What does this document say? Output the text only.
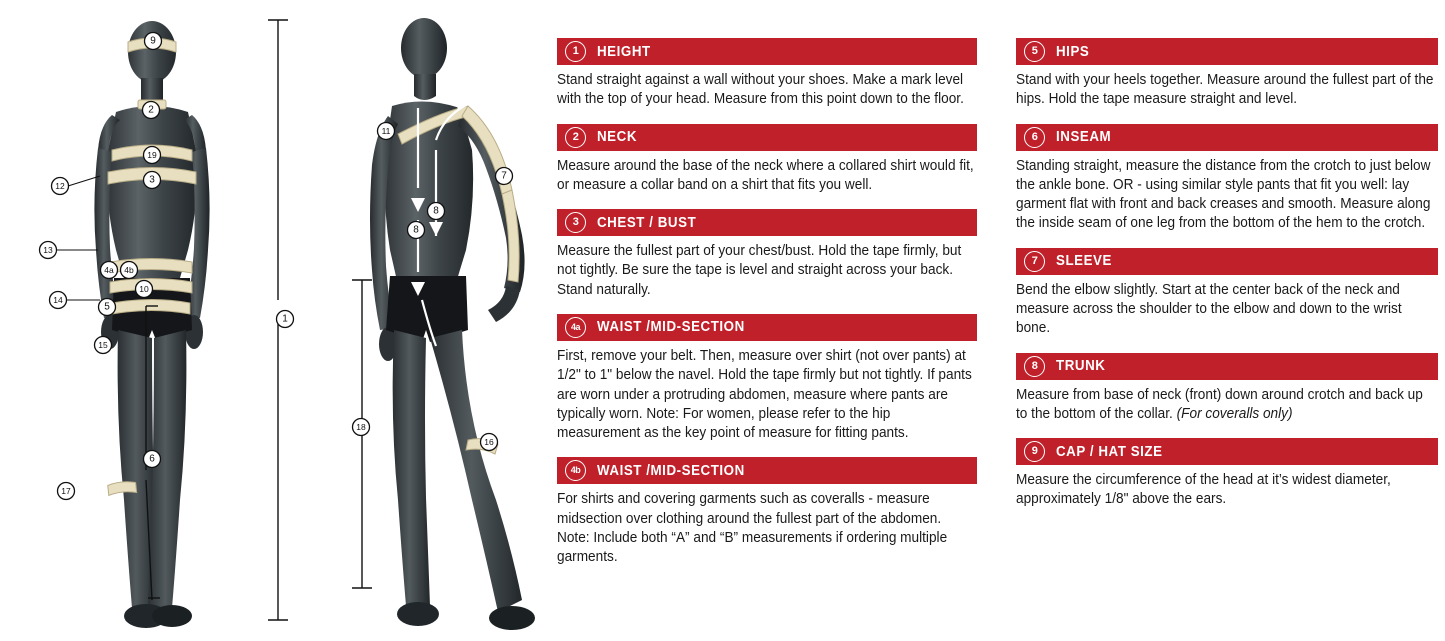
9
2
19
3
12
13
14
4a 4b
10
5
15
17
6
1
11
7
8
8
16
18
1	HEIGHT
Stand straight against a wall without your shoes. Make a mark level with the top of your head. Measure from this point down to the floor.
2	NECK
Measure around the base of the neck where a collared shirt would fit, or measure a collar band on a shirt that fits you well.
3	CHEST / BUST
Measure the fullest part of your chest/bust. Hold the tape firmly, but not tightly. Be sure the tape is level and straight across your back. Stand naturally.
4a	WAIST /MID-SECTION
First, remove your belt. Then, measure over shirt (not over pants) at 1/2" to 1" below the navel. Hold the tape firmly but not tightly. If pants are worn under a protruding abdomen, measure where pants are typically worn. Note: For women, please refer to the hip measurement as the key point of measure for fitting pants.
4b	WAIST /MID-SECTION
For shirts and covering garments such as coveralls - measure midsection over clothing around the fullest part of the abdomen. Note: Include both “A” and “B” measurements if ordering multiple garments.
5	HIPS
Stand with your heels together. Measure around the fullest part of the hips. Hold the tape measure straight and level.
6	INSEAM
Standing straight, measure the distance from the crotch to just below the ankle bone. OR - using similar style pants that fit you well: lay garment flat with front and back creases and smooth. Measure along the inside seam of one leg from the bottom of the hem to the crotch.
7	SLEEVE
Bend the elbow slightly. Start at the center back of the neck and measure across the shoulder to the elbow and down to the wrist bone.
8	TRUNK
Measure from base of neck (front) down around crotch and back up to the bottom of the collar. (For coveralls only)
9	CAP / HAT SIZE
Measure the circumference of the head at it’s widest diameter, approximately 1/8" above the ears.
